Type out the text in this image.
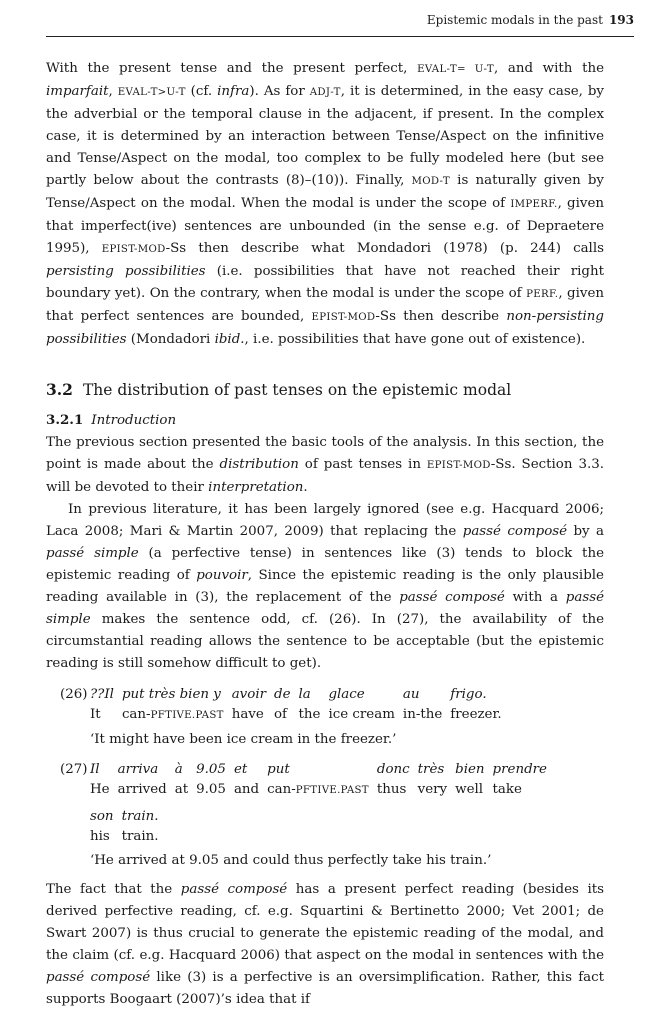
Epistemic modals in the past 193

With the present tense and the present perfect, EVAL-T= U-T, and with the imparfait, EVAL-T>U-T (cf. infra). As for ADJ-T, it is determined, in the easy case, by the adverbial or the temporal clause in the adjacent, if present. In the complex case, it is determined by an interaction between Tense/Aspect on the infinitive and Tense/Aspect on the modal, too complex to be fully modeled here (but see partly below about the contrasts (8)–(10)). Finally, MOD-T is naturally given by Tense/Aspect on the modal. When the modal is under the scope of IMPERF., given that imperfect(ive) sentences are unbounded (in the sense e.g. of Depraetere 1995), EPIST-MOD-Ss then describe what Mondadori (1978) (p. 244) calls persisting possibilities (i.e. possibilities that have not reached their right boundary yet). On the contrary, when the modal is under the scope of PERF., given that perfect sentences are bounded, EPIST-MOD-Ss then describe non-persisting possibilities (Mondadori ibid., i.e. possibilities that have gone out of existence).

3.2 The distribution of past tenses on the epistemic modal
3.2.1 Introduction

The previous section presented the basic tools of the analysis. In this section, the point is made about the distribution of past tenses in EPIST-MOD-Ss. Section 3.3. will be devoted to their interpretation.

In previous literature, it has been largely ignored (see e.g. Hacquard 2006; Laca 2008; Mari & Martin 2007, 2009) that replacing the passé composé by a passé simple (a perfective tense) in sentences like (3) tends to block the epistemic reading of pouvoir, Since the epistemic reading is the only plausible reading available in (3), the replacement of the passé composé with a passé simple makes the sentence odd, cf. (26). In (27), the availability of the circumstantial reading allows the sentence to be acceptable (but the epistemic reading is still somehow difficult to get).

(26) ??Il	put très bien y	avoir	de	la	glace	au	frigo.
It	can-PFTIVE.PAST	have	of	the	ice cream	in-the	freezer.
‘It might have been ice cream in the freezer.’
(27) Il	arriva	à	9.05	et	put	donc	très	bien	prendre
He	arrived	at	9.05	and	can-PFTIVE.PAST	thus	very	well	take
son	train.
his	train.
‘He arrived at 9.05 and could thus perfectly take his train.’

The fact that the passé composé has a present perfect reading (besides its derived perfective reading, cf. e.g. Squartini & Bertinetto 2000; Vet 2001; de Swart 2007) is thus crucial to generate the epistemic reading of the modal, and the claim (cf. e.g. Hacquard 2006) that aspect on the modal in sentences with the passé composé like (3) is a perfective is an oversimplification. Rather, this fact supports Boogaart (2007)’s idea that if
